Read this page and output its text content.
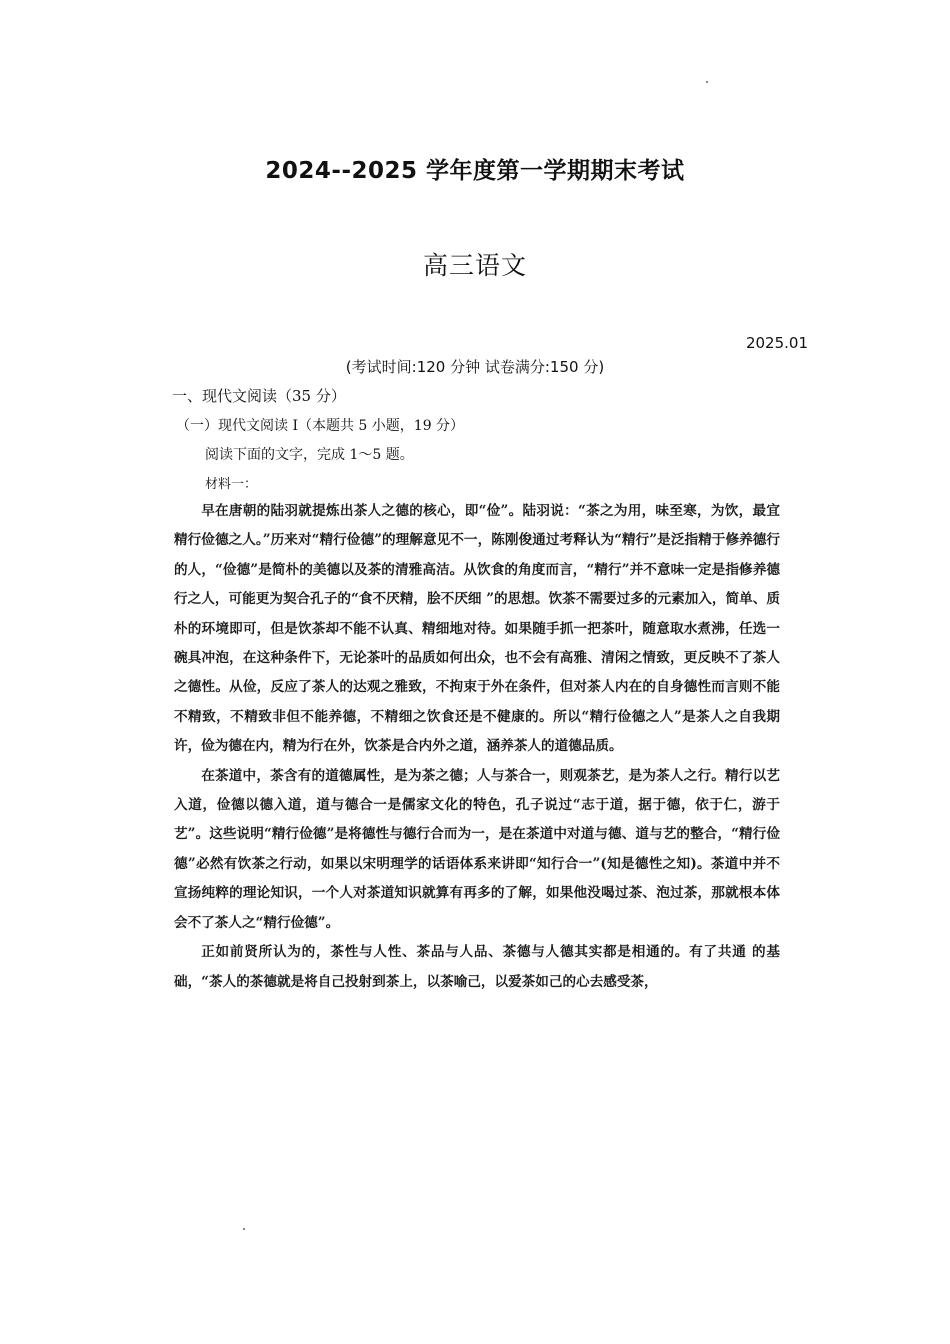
2024--2025 学年度第一学期期末考试
高三语文
2025.01
(考试时间:120 分钟 试卷满分:150 分)
一、现代文阅读（35 分）
（一）现代文阅读 I（本题共 5 小题，19 分）
阅读下面的文字，完成 1～5 题。
材料一：

早在唐朝的陆羽就提炼出茶人之德的核心，即“俭”。陆羽说：“茶之为用，味至寒，为饮，最宜精行俭德之人。”历来对“精行俭德”的理解意见不一，陈刚俊通过考释认为“精行”是泛指精于修养德行的人，“俭德”是简朴的美德以及茶的清雅高洁。从饮食的角度而言，“精行”并不意味一定是指修养德行之人，可能更为契合孔子的“食不厌精，脍不厌细 ”的思想。饮茶不需要过多的元素加入，简单、质朴的环境即可，但是饮茶却不能不认真、精细地对待。如果随手抓一把茶叶，随意取水煮沸，任选一碗具冲泡，在这种条件下，无论茶叶的品质如何出众，也不会有高雅、清闲之情致，更反映不了茶人之德性。从俭，反应了茶人的达观之雅致，不拘束于外在条件，但对茶人内在的自身德性而言则不能不精致，不精致非但不能养德，不精细之饮食还是不健康的。所以“精行俭德之人”是茶人之自我期许，俭为德在内，精为行在外，饮茶是合内外之道，涵养茶人的道德品质。

在茶道中，茶含有的道德属性，是为茶之德；人与茶合一，则观茶艺，是为茶人之行。精行以艺入道，俭德以德入道，道与德合一是儒家文化的特色，孔子说过“志于道，据于德，依于仁，游于艺”。这些说明“精行俭德”是将德性与德行合而为一，是在茶道中对道与德、道与艺的整合，“精行俭德”必然有饮茶之行动，如果以宋明理学的话语体系来讲即“知行合一”(知是德性之知)。茶道中并不宣扬纯粹的理论知识，一个人对茶道知识就算有再多的了解，如果他没喝过茶、泡过茶，那就根本体会不了茶人之“精行俭德”。

正如前贤所认为的，茶性与人性、茶品与人品、茶德与人德其实都是相通的。有了共通 的基础，“茶人的茶德就是将自己投射到茶上，以茶喻己，以爱茶如己的心去感受茶，
